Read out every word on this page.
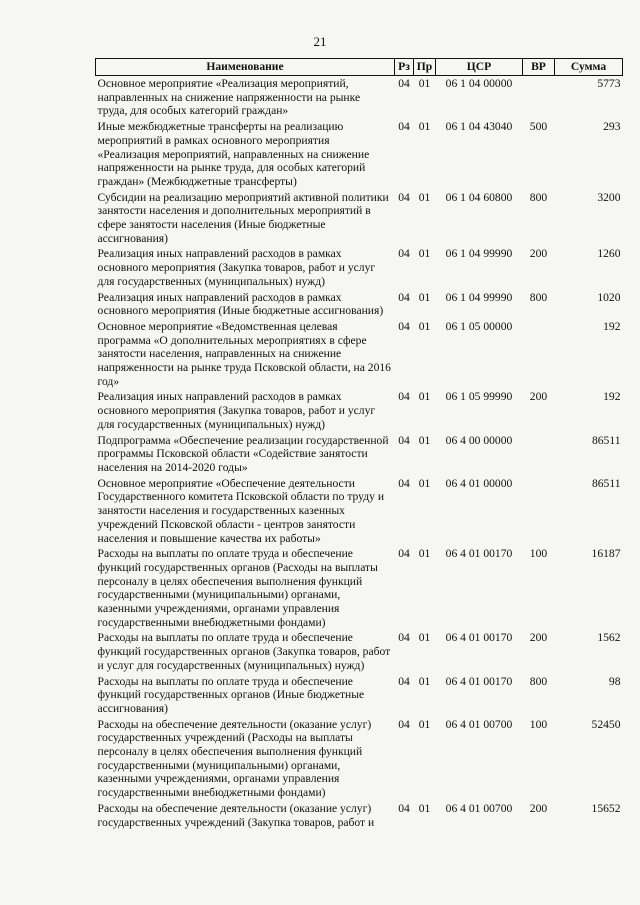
21
Наименование	Рз	Пр	ЦСР	ВР	Сумма
Основное мероприятие «Реализация мероприятий, направленных на снижение напряженности на рынке труда, для особых категорий граждан»	04	01	06 1 04 00000		5773
Иные межбюджетные трансферты на реализацию мероприятий в рамках основного мероприятия «Реализация мероприятий, направленных на снижение напряженности на рынке труда, для особых категорий граждан» (Межбюджетные трансферты)	04	01	06 1 04 43040	500	293
Субсидии на реализацию мероприятий активной политики занятости населения и дополнительных мероприятий в сфере занятости населения (Иные бюджетные ассигнования)	04	01	06 1 04 60800	800	3200
Реализация иных направлений расходов в рамках основного мероприятия (Закупка товаров, работ и услуг для государственных (муниципальных) нужд)	04	01	06 1 04 99990	200	1260
Реализация иных направлений расходов в рамках основного мероприятия (Иные бюджетные ассигнования)	04	01	06 1 04 99990	800	1020
Основное мероприятие «Ведомственная целевая программа «О дополнительных мероприятиях в сфере занятости населения, направленных на снижение напряженности на рынке труда Псковской области, на 2016 год»	04	01	06 1 05 00000		192
Реализация иных направлений расходов в рамках основного мероприятия (Закупка товаров, работ и услуг для государственных (муниципальных) нужд)	04	01	06 1 05 99990	200	192
Подпрограмма «Обеспечение реализации государственной программы Псковской области «Содействие занятости населения на 2014-2020 годы»	04	01	06 4 00 00000		86511
Основное мероприятие «Обеспечение деятельности Государственного комитета Псковской области по труду и занятости населения и государственных казенных учреждений Псковской области - центров занятости населения и повышение качества их работы»	04	01	06 4 01 00000		86511
Расходы на выплаты по оплате труда и обеспечение функций государственных органов (Расходы на выплаты персоналу в целях обеспечения выполнения функций государственными (муниципальными) органами, казенными учреждениями, органами управления государственными внебюджетными фондами)	04	01	06 4 01 00170	100	16187
Расходы на выплаты по оплате труда и обеспечение функций государственных органов (Закупка товаров, работ и услуг для государственных (муниципальных) нужд)	04	01	06 4 01 00170	200	1562
Расходы на выплаты по оплате труда и обеспечение функций государственных органов (Иные бюджетные ассигнования)	04	01	06 4 01 00170	800	98
Расходы на обеспечение деятельности (оказание услуг) государственных учреждений (Расходы на выплаты персоналу в целях обеспечения выполнения функций государственными (муниципальными) органами, казенными учреждениями, органами управления государственными внебюджетными фондами)	04	01	06 4 01 00700	100	52450
Расходы на обеспечение деятельности (оказание услуг) государственных учреждений (Закупка товаров, работ и	04	01	06 4 01 00700	200	15652
